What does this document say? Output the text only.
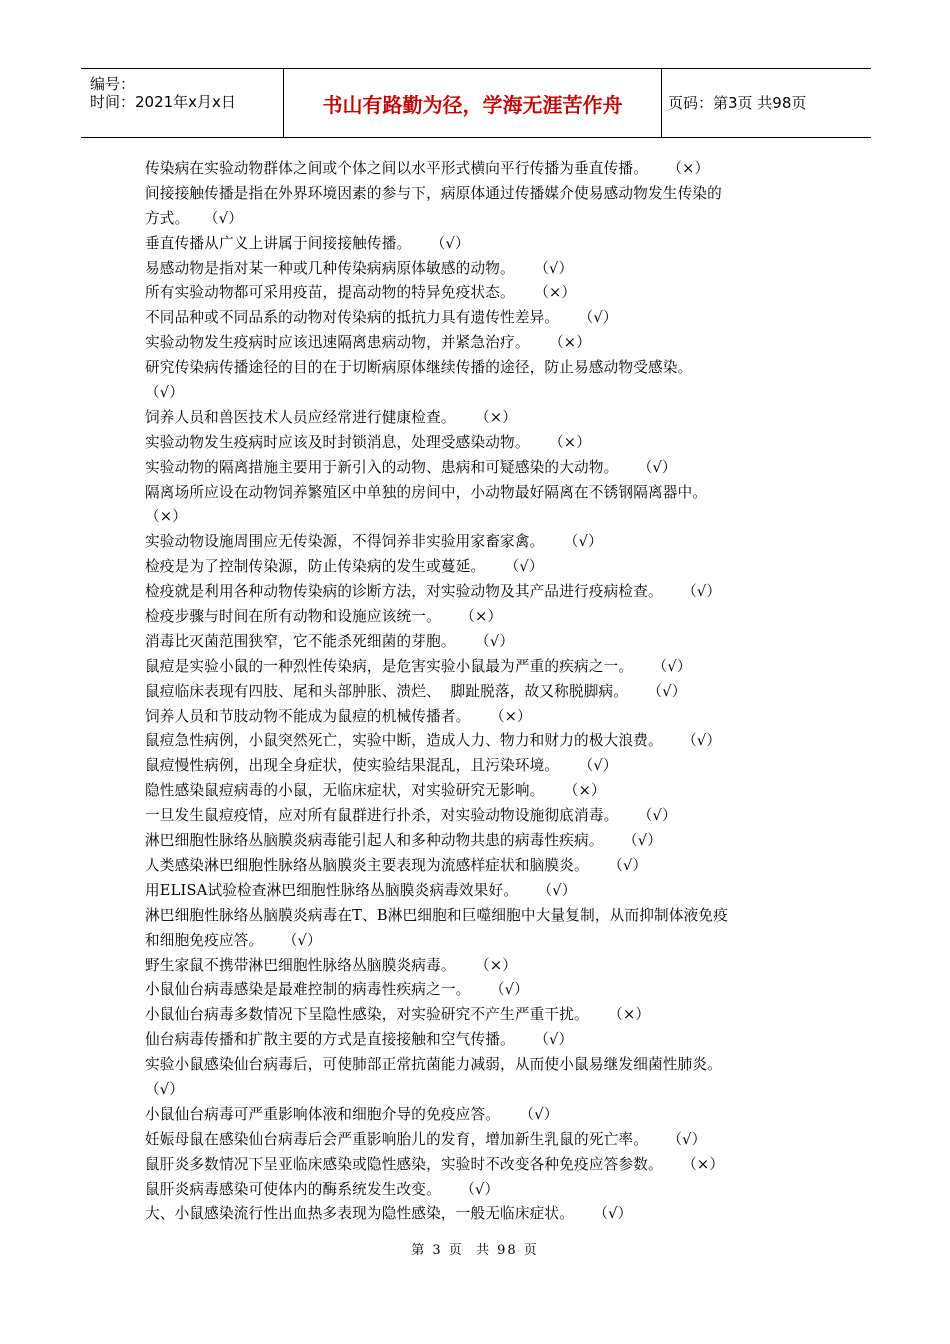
编号：
时间：2021年x月x日	书山有路勤为径，学海无涯苦作舟	页码：第3页 共98页
传染病在实验动物群体之间或个体之间以水平形式横向平行传播为垂直传播。    （×）
间接接触传播是指在外界环境因素的参与下，病原体通过传播媒介使易感动物发生传染的
方式。   （√）
垂直传播从广义上讲属于间接接触传播。    （√）
易感动物是指对某一种或几种传染病病原体敏感的动物。    （√）
所有实验动物都可采用疫苗，提高动物的特异免疫状态。    （×）
不同品种或不同品系的动物对传染病的抵抗力具有遗传性差异。    （√）
实验动物发生疫病时应该迅速隔离患病动物，并紧急治疗。    （×）
研究传染病传播途径的目的在于切断病原体继续传播的途径，防止易感动物受感染。
（√）
饲养人员和兽医技术人员应经常进行健康检查。    （×）
实验动物发生疫病时应该及时封锁消息，处理受感染动物。    （×）
实验动物的隔离措施主要用于新引入的动物、患病和可疑感染的大动物。    （√）
隔离场所应设在动物饲养繁殖区中单独的房间中，小动物最好隔离在不锈钢隔离器中。
（×）
实验动物设施周围应无传染源，不得饲养非实验用家畜家禽。    （√）
检疫是为了控制传染源，防止传染病的发生或蔓延。    （√）
检疫就是利用各种动物传染病的诊断方法，对实验动物及其产品进行疫病检查。    （√）
检疫步骤与时间在所有动物和设施应该统一。    （×）
消毒比灭菌范围狭窄，它不能杀死细菌的芽胞。    （√）
鼠痘是实验小鼠的一种烈性传染病，是危害实验小鼠最为严重的疾病之一。    （√）
鼠痘临床表现有四肢、尾和头部肿胀、溃烂、  脚趾脱落，故又称脱脚病。    （√）
饲养人员和节肢动物不能成为鼠痘的机械传播者。    （×）
鼠痘急性病例，小鼠突然死亡，实验中断，造成人力、物力和财力的极大浪费。    （√）
鼠痘慢性病例，出现全身症状，使实验结果混乱，且污染环境。    （√）
隐性感染鼠痘病毒的小鼠，无临床症状，对实验研究无影响。    （×）
一旦发生鼠痘疫情，应对所有鼠群进行扑杀，对实验动物设施彻底消毒。    （√）
淋巴细胞性脉络丛脑膜炎病毒能引起人和多种动物共患的病毒性疾病。    （√）
人类感染淋巴细胞性脉络丛脑膜炎主要表现为流感样症状和脑膜炎。    （√）
用ELISA试验检查淋巴细胞性脉络丛脑膜炎病毒效果好。    （√）
淋巴细胞性脉络丛脑膜炎病毒在T、B淋巴细胞和巨噬细胞中大量复制，从而抑制体液免疫
和细胞免疫应答。    （√）
野生家鼠不携带淋巴细胞性脉络丛脑膜炎病毒。    （×）
小鼠仙台病毒感染是最难控制的病毒性疾病之一。    （√）
小鼠仙台病毒多数情况下呈隐性感染，对实验研究不产生严重干扰。    （×）
仙台病毒传播和扩散主要的方式是直接接触和空气传播。    （√）
实验小鼠感染仙台病毒后，可使肺部正常抗菌能力减弱，从而使小鼠易继发细菌性肺炎。
（√）
小鼠仙台病毒可严重影响体液和细胞介导的免疫应答。    （√）
妊娠母鼠在感染仙台病毒后会严重影响胎儿的发育，增加新生乳鼠的死亡率。    （√）
鼠肝炎多数情况下呈亚临床感染或隐性感染，实验时不改变各种免疫应答参数。    （×）
鼠肝炎病毒感染可使体内的酶系统发生改变。    （√）
大、小鼠感染流行性出血热多表现为隐性感染，一般无临床症状。    （√）
第 3 页 共 98 页
